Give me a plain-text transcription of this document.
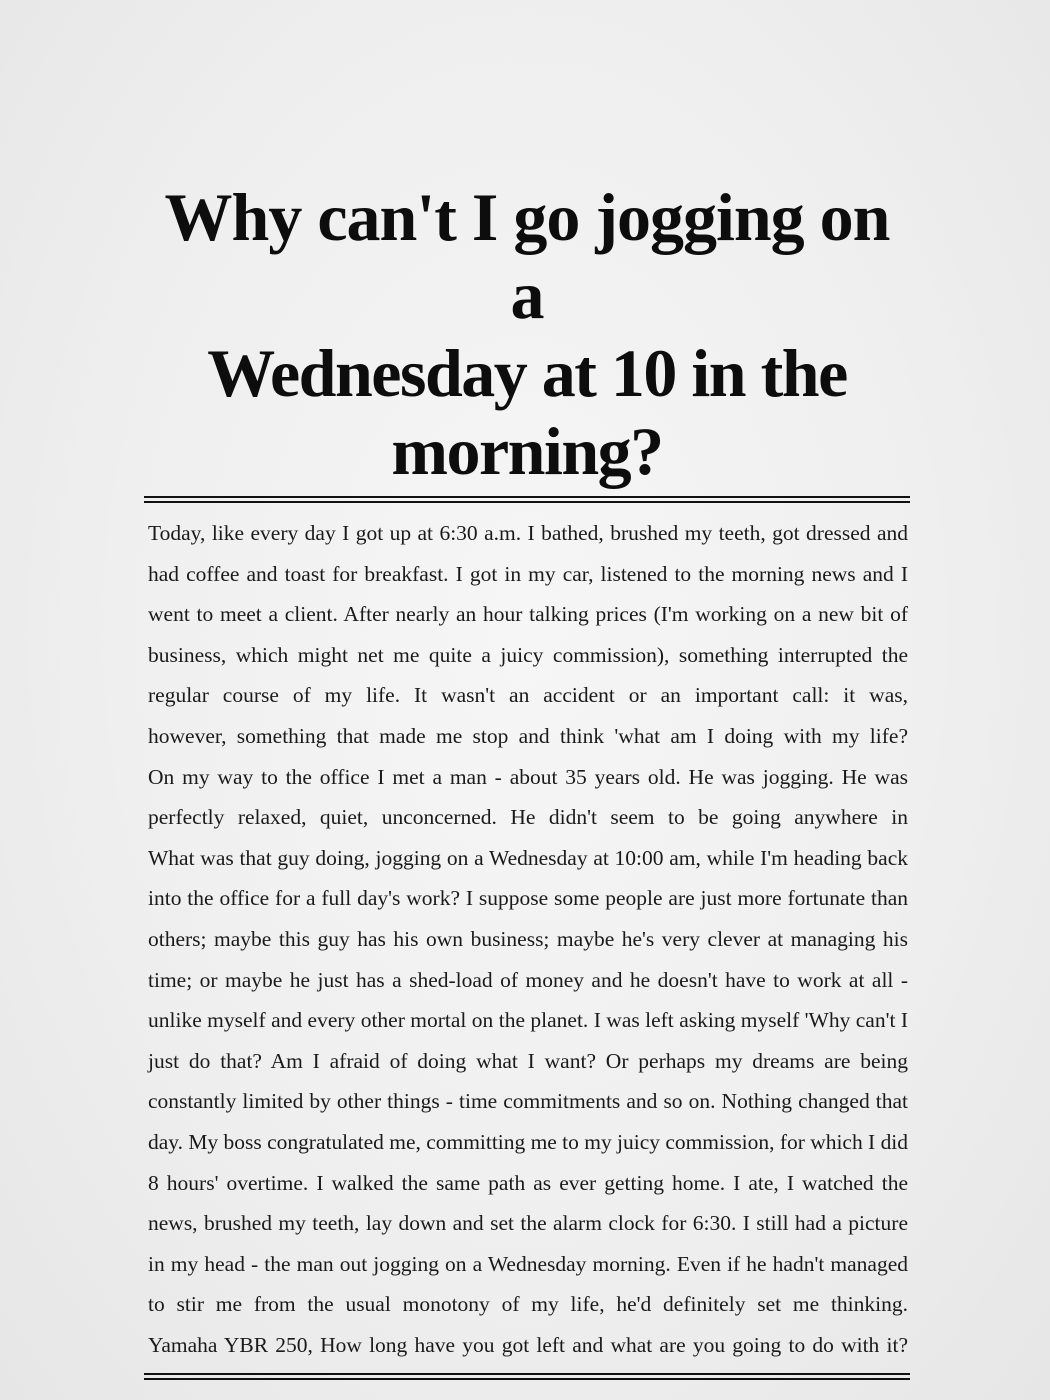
Why can't I go jogging on a
Wednesday at 10 in the morning?
Today, like every day I got up at 6:30 a.m. I bathed, brushed my teeth, got dressed and
had coffee and toast for breakfast. I got in my car, listened to the morning news and I
went to meet a client. After nearly an hour talking prices (I'm working on a new bit of
business, which might net me quite a juicy commission), something interrupted the
regular course of my life. It wasn't an accident or an important call: it was,
however, something that made me stop and think 'what am I doing with my life?
On my way to the office I met a man - about 35 years old. He was jogging. He was
perfectly relaxed, quiet, unconcerned. He didn't seem to be going anywhere in
What was that guy doing, jogging on a Wednesday at 10:00 am, while I'm heading back
into the office for a full day's work? I suppose some people are just more fortunate than
others; maybe this guy has his own business; maybe he's very clever at managing his
time; or maybe he just has a shed-load of money and he doesn't have to work at all -
unlike myself and every other mortal on the planet. I was left asking myself 'Why can't I
just do that? Am I afraid of doing what I want? Or perhaps my dreams are being
constantly limited by other things - time commitments and so on. Nothing changed that
day. My boss congratulated me, committing me to my juicy commission, for which I did
8 hours' overtime. I walked the same path as ever getting home. I ate, I watched the
news, brushed my teeth, lay down and set the alarm clock for 6:30. I still had a picture
in my head - the man out jogging on a Wednesday morning. Even if he hadn't managed
to stir me from the usual monotony of my life, he'd definitely set me thinking.
Yamaha YBR 250, How long have you got left and what are you going to do with it?
